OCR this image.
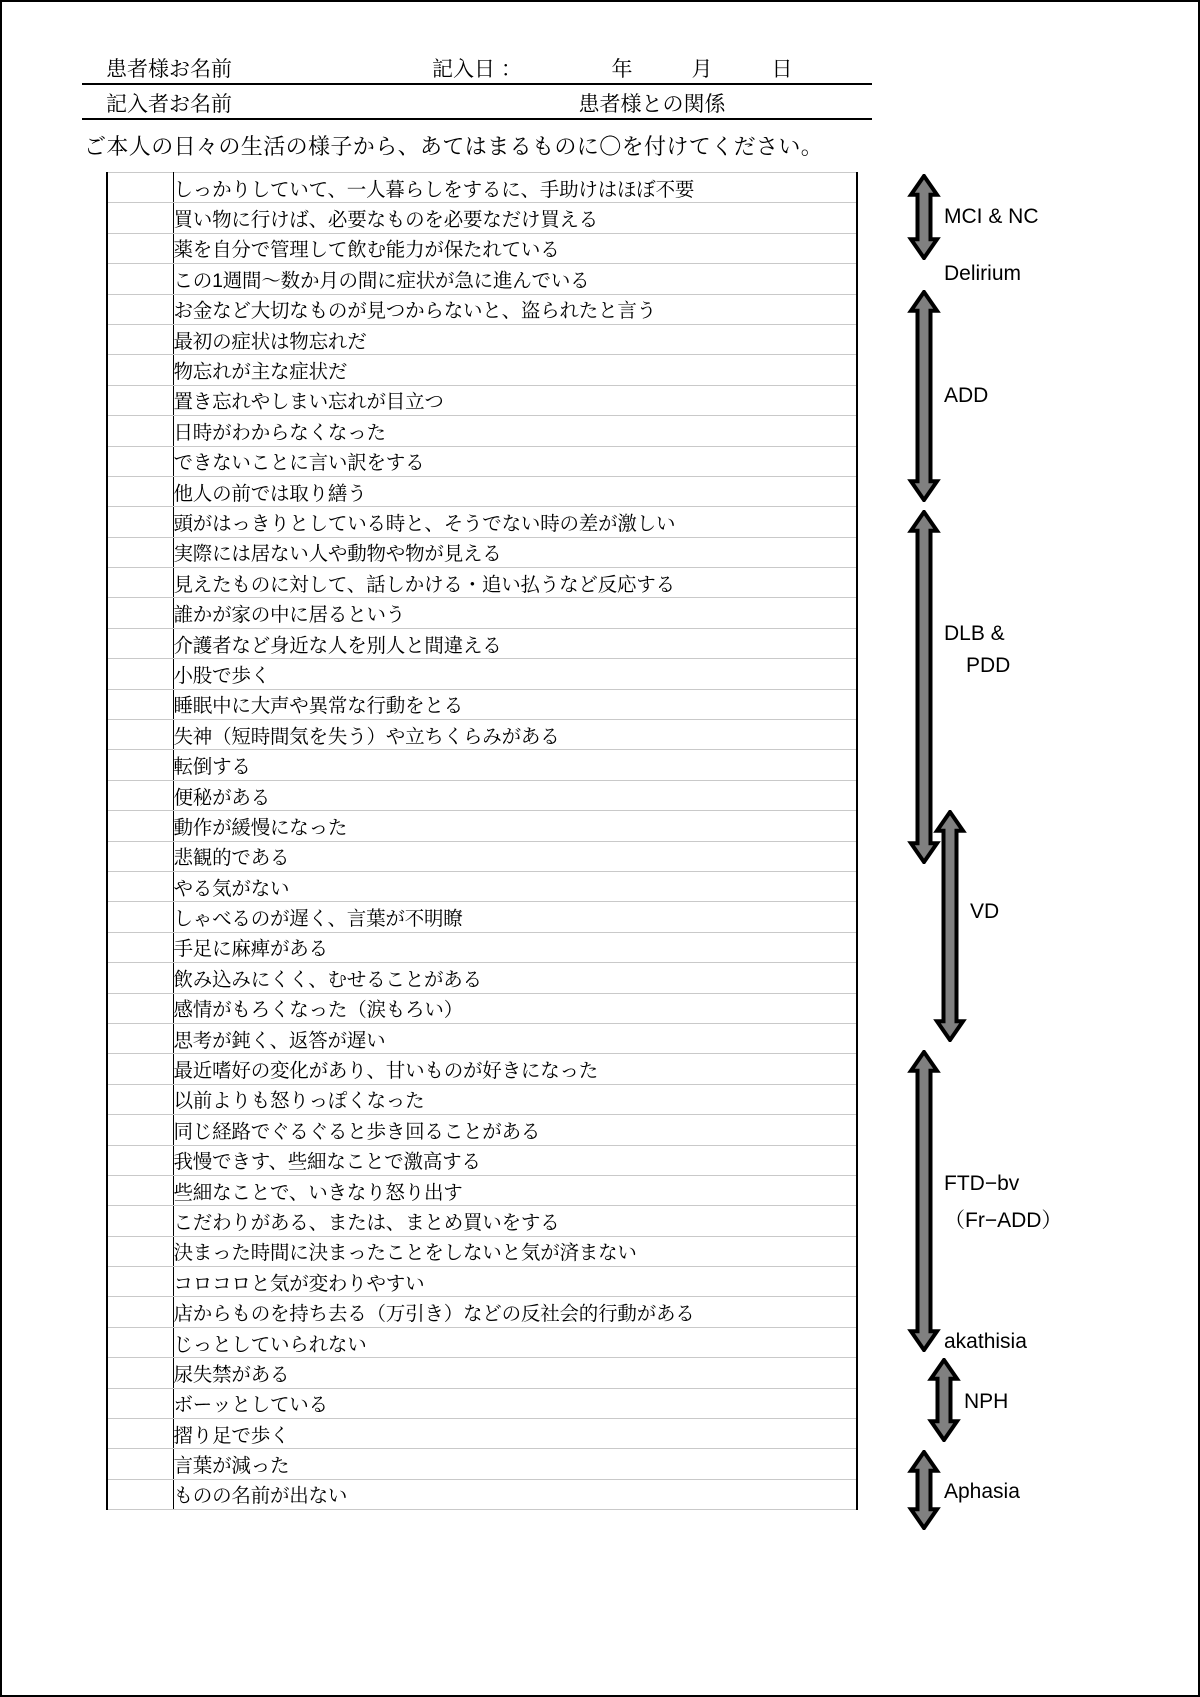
患者様お名前	記入日 ：	年	月	日
記入者お名前	患者様との関係
ご本人の日々の生活の様子から、あてはまるものに〇を付けてください。
	しっかりしていて、一人暮らしをするに、手助けはほぼ不要
	買い物に行けば、必要なものを必要なだけ買える
	薬を自分で管理して飲む能力が保たれている
	この1週間〜数か月の間に症状が急に進んでいる
	お金など大切なものが見つからないと、盗られたと言う
	最初の症状は物忘れだ
	物忘れが主な症状だ
	置き忘れやしまい忘れが目立つ
	日時がわからなくなった
	できないことに言い訳をする
	他人の前では取り繕う
	頭がはっきりとしている時と、そうでない時の差が激しい
	実際には居ない人や動物や物が見える
	見えたものに対して、話しかける・追い払うなど反応する
	誰かが家の中に居るという
	介護者など身近な人を別人と間違える
	小股で歩く
	睡眠中に大声や異常な行動をとる
	失神（短時間気を失う）や立ちくらみがある
	転倒する
	便秘がある
	動作が緩慢になった
	悲観的である
	やる気がない
	しゃべるのが遅く、言葉が不明瞭
	手足に麻痺がある
	飲み込みにくく、むせることがある
	感情がもろくなった（涙もろい）
	思考が鈍く、返答が遅い
	最近嗜好の変化があり、甘いものが好きになった
	以前よりも怒りっぽくなった
	同じ経路でぐるぐると歩き回ることがある
	我慢できす、些細なことで激高する
	些細なことで、いきなり怒り出す
	こだわりがある、または、まとめ買いをする
	決まった時間に決まったことをしないと気が済まない
	コロコロと気が変わりやすい
	店からものを持ち去る（万引き）などの反社会的行動がある
	じっとしていられない
	尿失禁がある
	ボーッとしている
	摺り足で歩く
	言葉が減った
	ものの名前が出ない
MCI & NC
Delirium
ADD
DLB &
PDD
VD
FTD−bv
（Fr−ADD）
akathisia
NPH
Aphasia
